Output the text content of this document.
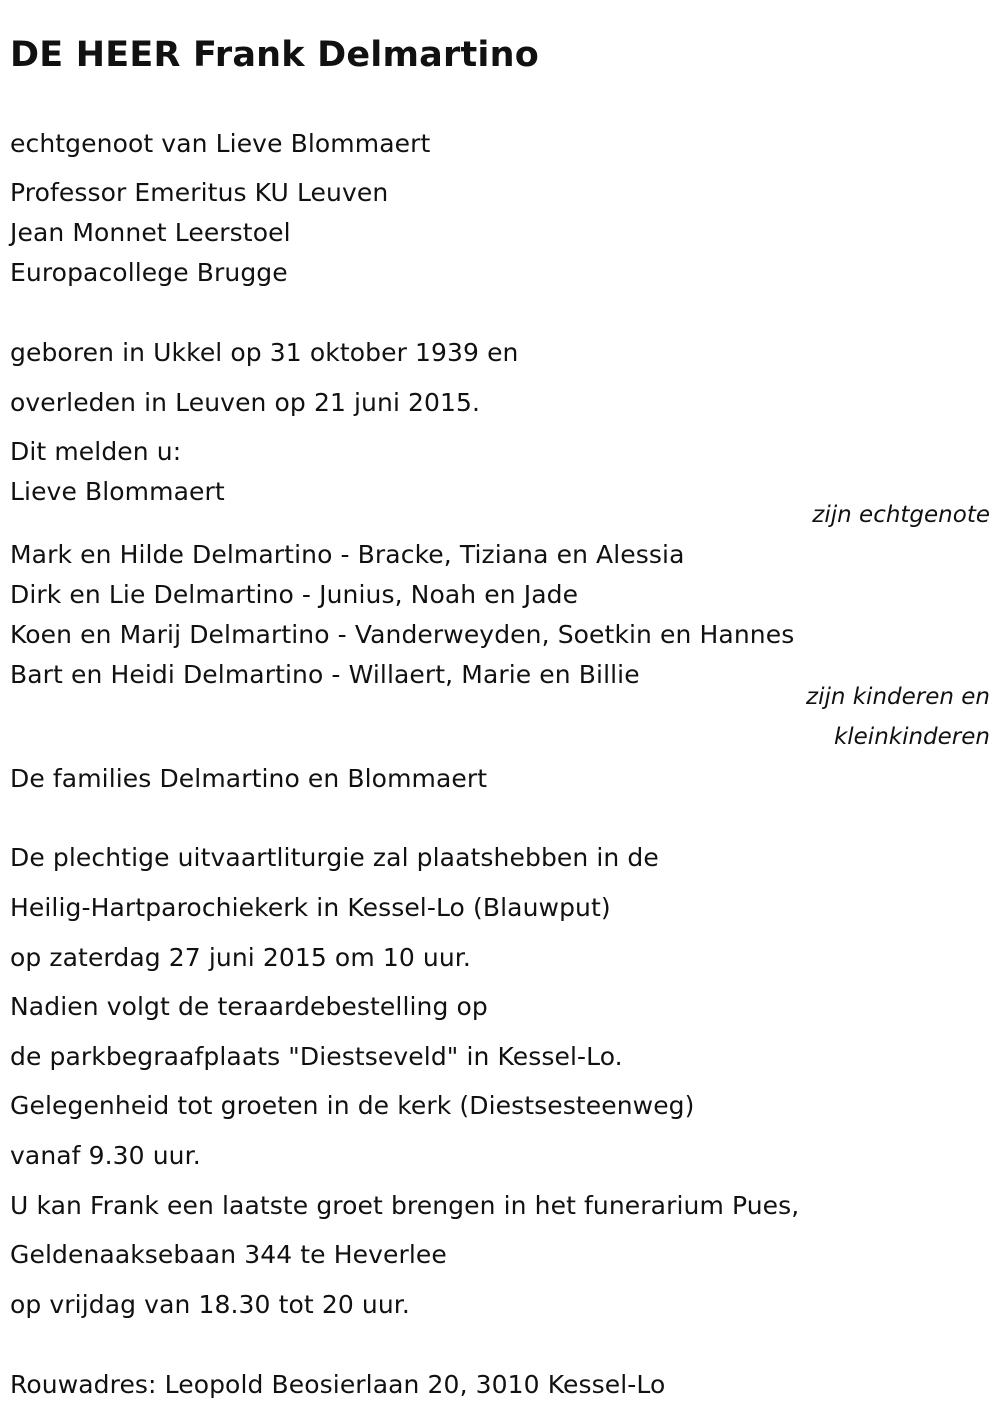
DE HEER Frank Delmartino
echtgenoot van Lieve Blommaert
Professor Emeritus KU Leuven
Jean Monnet Leerstoel
Europacollege Brugge
geboren in Ukkel op 31 oktober 1939 en
overleden in Leuven op 21 juni 2015.
Dit melden u:
Lieve Blommaert
zijn echtgenote
Mark en Hilde Delmartino - Bracke, Tiziana en Alessia
Dirk en Lie Delmartino - Junius, Noah en Jade
Koen en Marij Delmartino - Vanderweyden, Soetkin en Hannes
Bart en Heidi Delmartino - Willaert, Marie en Billie
zijn kinderen en
kleinkinderen
De families Delmartino en Blommaert
De plechtige uitvaartliturgie zal plaatshebben in de
Heilig-Hartparochiekerk in Kessel-Lo (Blauwput)
op zaterdag 27 juni 2015 om 10 uur.
Nadien volgt de teraardebestelling op
de parkbegraafplaats "Diestseveld" in Kessel-Lo.
Gelegenheid tot groeten in de kerk (Diestsesteenweg)
vanaf 9.30 uur.
U kan Frank een laatste groet brengen in het funerarium Pues,
Geldenaaksebaan 344 te Heverlee
op vrijdag van 18.30 tot 20 uur.
Rouwadres: Leopold Beosierlaan 20, 3010 Kessel-Lo
